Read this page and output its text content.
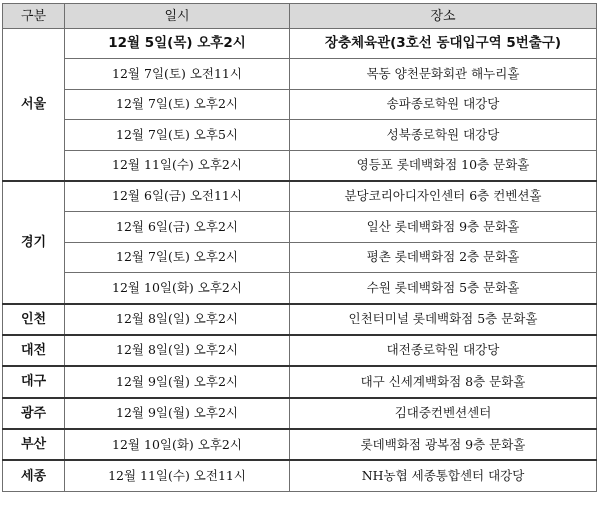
구분	일시	장소
서울	12월 5일(목) 오후2시	장충체육관(3호선 동대입구역 5번출구)
	12월 7일(토) 오전11시	목동 양천문화회관 해누리홀
	12월 7일(토) 오후2시	송파종로학원 대강당
	12월 7일(토) 오후5시	성북종로학원 대강당
	12월 11일(수) 오후2시	영등포 롯데백화점 10층 문화홀
경기	12월 6일(금) 오전11시	분당코리아디자인센터 6층 컨벤션홀
	12월 6일(금) 오후2시	일산 롯데백화점 9층 문화홀
	12월 7일(토) 오후2시	평촌 롯데백화점 2층 문화홀
	12월 10일(화) 오후2시	수원 롯데백화점 5층 문화홀
인천	12월 8일(일) 오후2시	인천터미널 롯데백화점 5층 문화홀
대전	12월 8일(일) 오후2시	대전종로학원 대강당
대구	12월 9일(월) 오후2시	대구 신세계백화점 8층 문화홀
광주	12월 9일(월) 오후2시	김대중컨벤션센터
부산	12월 10일(화) 오후2시	롯데백화점 광복점 9층 문화홀
세종	12월 11일(수) 오전11시	NH농협 세종통합센터 대강당
